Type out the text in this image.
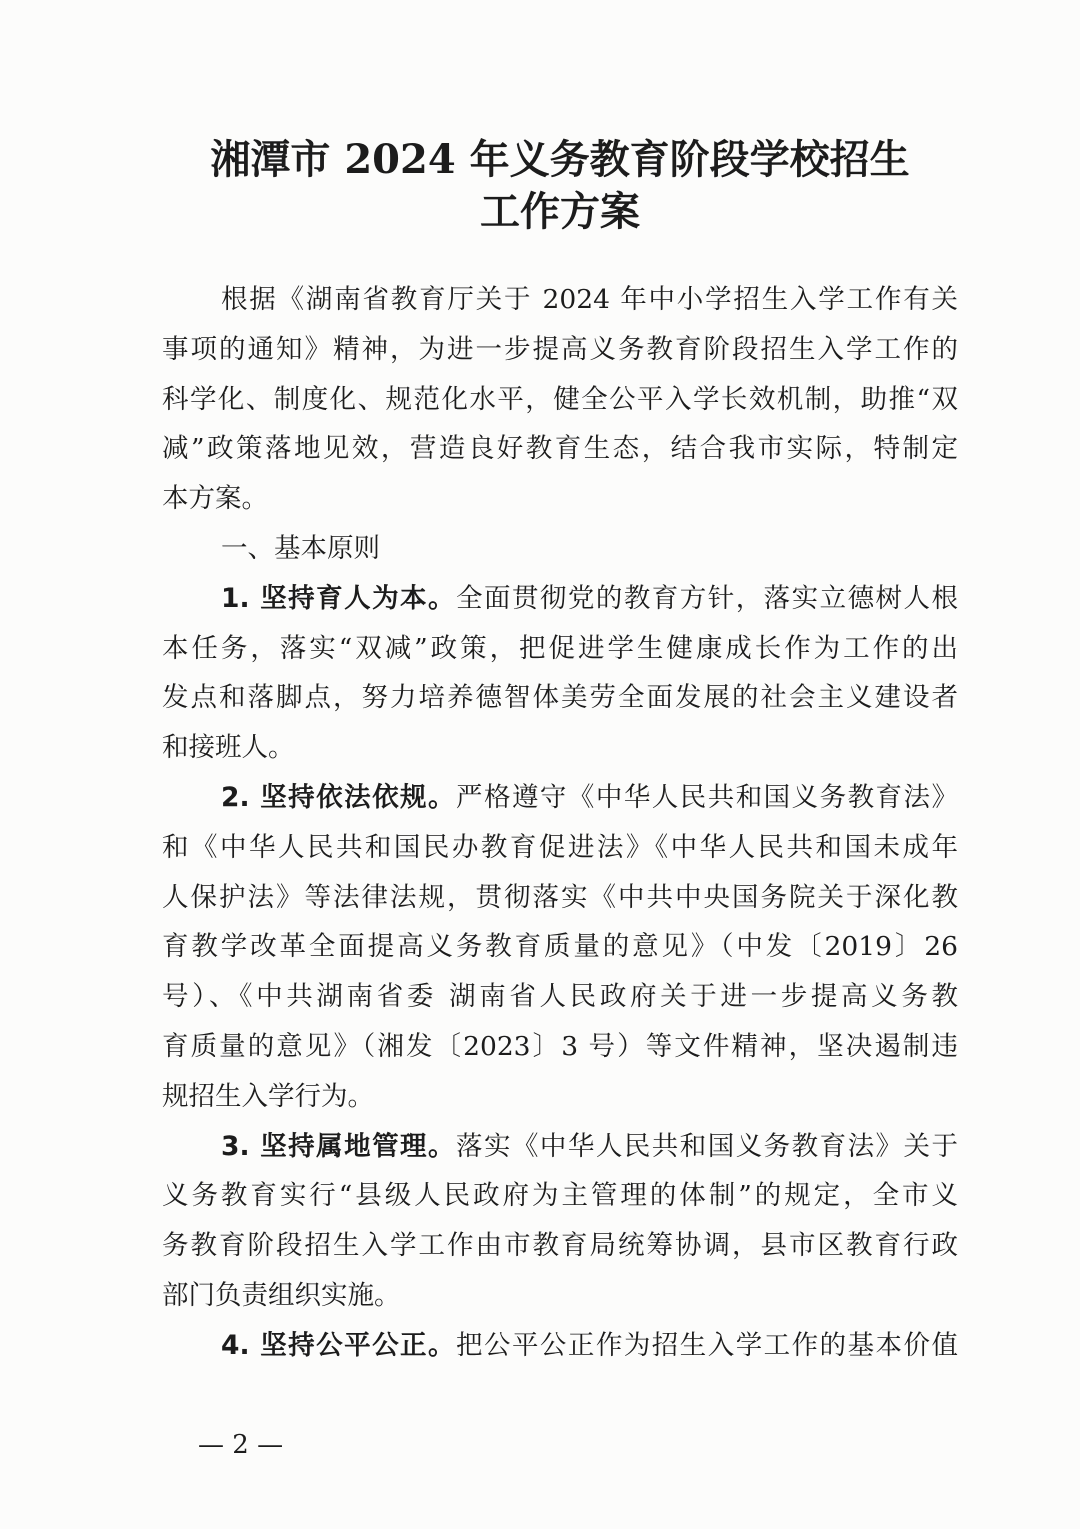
湘潭市 2024 年义务教育阶段学校招生
工作方案
根据《湖南省教育厅关于 2024 年中小学招生入学工作有关
事项的通知》精神，为进一步提高义务教育阶段招生入学工作的
科学化、制度化、规范化水平，健全公平入学长效机制，助推“双
减”政策落地见效，营造良好教育生态，结合我市实际，特制定
本方案。
一、基本原则
1. 坚持育人为本。全面贯彻党的教育方针，落实立德树人根
本任务，落实“双减”政策，把促进学生健康成长作为工作的出
发点和落脚点，努力培养德智体美劳全面发展的社会主义建设者
和接班人。
2. 坚持依法依规。严格遵守《中华人民共和国义务教育法》
和《中华人民共和国民办教育促进法》《中华人民共和国未成年
人保护法》等法律法规，贯彻落实《中共中央国务院关于深化教
育教学改革全面提高义务教育质量的意见》（中发〔2019〕26
号）、《中共湖南省委 湖南省人民政府关于进一步提高义务教
育质量的意见》（湘发〔2023〕3 号）等文件精神，坚决遏制违
规招生入学行为。
3. 坚持属地管理。落实《中华人民共和国义务教育法》关于
义务教育实行“县级人民政府为主管理的体制”的规定，全市义
务教育阶段招生入学工作由市教育局统筹协调，县市区教育行政
部门负责组织实施。
4. 坚持公平公正。把公平公正作为招生入学工作的基本价值
— 2 —
